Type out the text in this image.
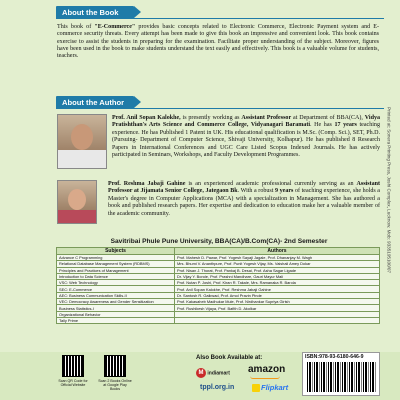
About the Book
This book of "E-Commerce" provides basic concepts related to Electronic Commerce, Electronic Payment system and E-commerce security threats. Every attempt has been made to give this book an impressive and convenient look. This book contains exercise to assist the students in preparing for the examination. Facilitate proper understanding of the subject. Moreover, figures have been used in the book to make students understand the text easily and effectively. This book is a valuable volume for students, teachers.
About the Author
Prof. Anil Sopan Kalokhe, is presently working as Assistant Professor at Department of BBA(CA), Vidya Pratishthan's Arts Science and Commerce College, Vidyanagari Baramati. He has 17 years teaching experience. He has Published 1 Patent in UK. His educational qualification is M.Sc. (Comp. Sci.), SET, Ph.D. (Pursuing- Department of Computer Science, Shivaji University, Kolhapur). He has published 8 Research Papers in International Conferences and UGC Care Listed Scopus Indexed Journals. He has actively participated in Seminars, Workshops, and Faculty Development Programmes.
Prof. Reshma Jabaji Gahine is an experienced academic professional currently serving as an Assistant Professor at Jijamata Senior College, Jategaon Bk. With a robust 9 years of teaching experience, she holds a Master's degree in Computer Applications (MCA) with a specialization in Management. She has authored a book and published research papers. Her expertise and dedication to education make her a valuable member of the academic community.	Printed at: Sonera Printing Press, Joshi Complex, Lucknow. Mob: 9335195100/07
Savitribai Phule Pune University, BBA(CA)/B.Com(CA)- 2nd Semester
Subjects	Authors
Advance C Programming	Prof. Mahesh D. Pawar, Prof. Yogesh Sayaji Jagale, Prof. Dhananjay M. Wagh
Relational Database Management System (RDBMS)	Mrs. Bhumi V. Ananthpure, Prof. Punit Yogesh Vijay, Ms. Vaishali Amey Dokar
Principles and Practices of Management	Prof. Nisan J. Thorat, Prof. Pankaj B. Desai, Prof. Asha Sagar Ligade
Introduction to Data Science	Dr. Vijay Y. Borole, Prof. Prashni Mandhare, Gauri Mayur Mali
VSC: Web Technology	Prof. Nutan P. Joshi, Prof. Kiran R. Takale, Mrs. Ramanaka R. Barola
SEC: E-Commerce	Prof. Anil Sopan Kalokhe, Prof. Reshma Jabaji Gahine
AEC: Business Communication Skills-II	Dr. Santosh R. Gaikwad, Prof. Amol Pravin Pinde
VEC: Democracy Awareness and Gender Sensitization	Prof. Kakasaheb Madhukar Mule, Prof. Nirdhankar Supriya Girish
Business Statistics-I	Prof. Rushikesh Vijaya, Prof. Bafith D. Akolkar
Organizational Behavior	
Tally Prime	
Scan QR Code for Official Website
Scan 2 Books Online at Google Play Books
Also Book Available at:
M indiamart amazon
tppl.org.in	Flipkart
ISBN:978-93-6180-646-9
